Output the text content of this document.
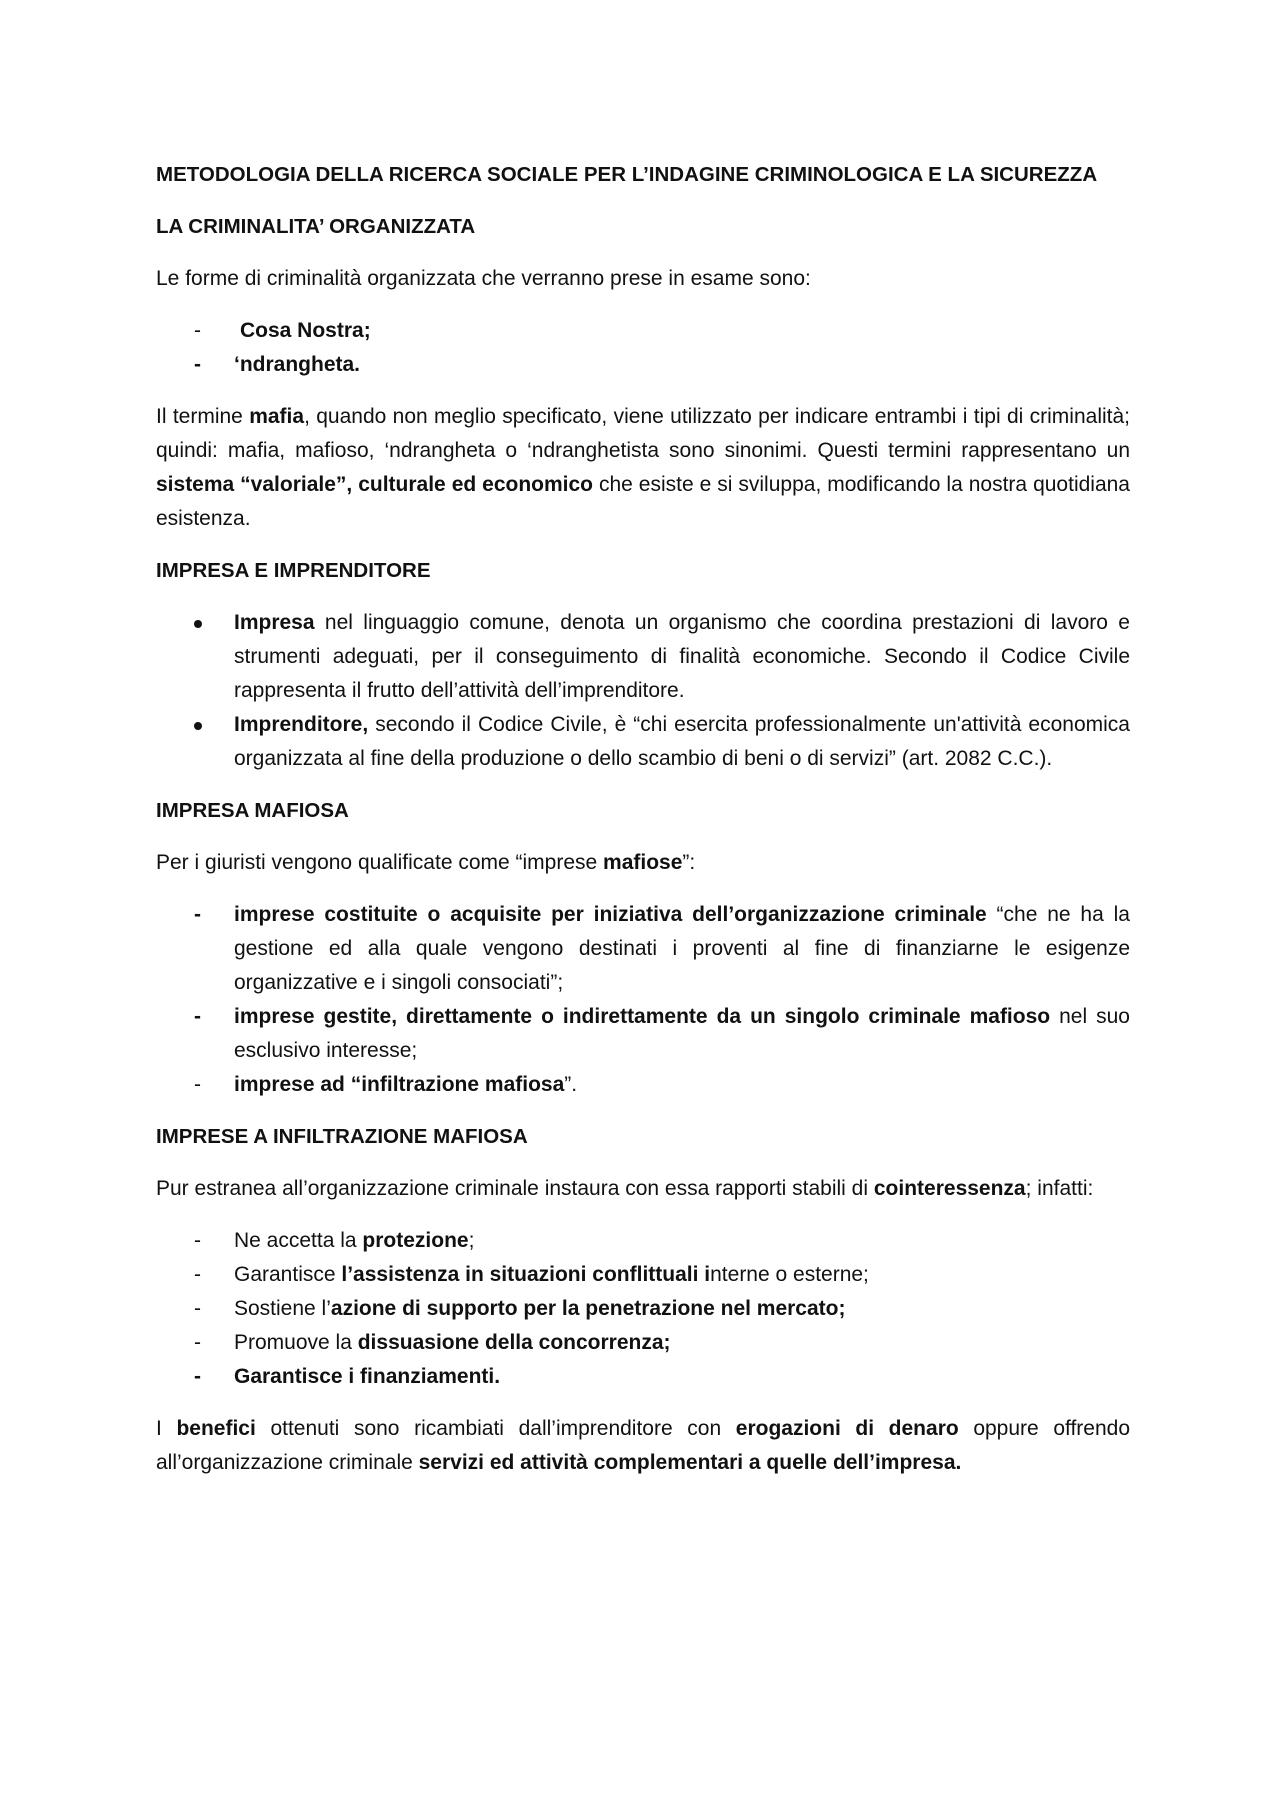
METODOLOGIA DELLA RICERCA SOCIALE PER L’INDAGINE CRIMINOLOGICA E LA SICUREZZA

LA CRIMINALITA’ ORGANIZZATA

Le forme di criminalità organizzata che verranno prese in esame sono:

-	Cosa Nostra;
-	‘ndrangheta.

Il termine mafia, quando non meglio specificato, viene utilizzato per indicare entrambi i tipi di criminalità; quindi: mafia, mafioso, ‘ndrangheta o ‘ndranghetista sono sinonimi. Questi termini rappresentano un sistema “valoriale”, culturale ed economico che esiste e si sviluppa, modificando la nostra quotidiana esistenza.

IMPRESA E IMPRENDITORE

Impresa nel linguaggio comune, denota un organismo che coordina prestazioni di lavoro e strumenti adeguati, per il conseguimento di finalità economiche. Secondo il Codice Civile rappresenta il frutto dell’attività dell’imprenditore.
Imprenditore, secondo il Codice Civile, è “chi esercita professionalmente un'attività economica organizzata al fine della produzione o dello scambio di beni o di servizi” (art. 2082 C.C.).

IMPRESA MAFIOSA

Per i giuristi vengono qualificate come “imprese mafiose”:

-	imprese costituite o acquisite per iniziativa dell’organizzazione criminale “che ne ha la gestione ed alla quale vengono destinati i proventi al fine di finanziarne le esigenze organizzative e i singoli consociati”;
-	imprese gestite, direttamente o indirettamente da un singolo criminale mafioso nel suo esclusivo interesse;
-	imprese ad “infiltrazione mafiosa”.

IMPRESE A INFILTRAZIONE MAFIOSA

Pur estranea all’organizzazione criminale instaura con essa rapporti stabili di cointeressenza; infatti:

-	Ne accetta la protezione;
-	Garantisce l’assistenza in situazioni conflittuali interne o esterne;
-	Sostiene l’azione di supporto per la penetrazione nel mercato;
-	Promuove la dissuasione della concorrenza;
-	Garantisce i finanziamenti.

I benefici ottenuti sono ricambiati dall’imprenditore con erogazioni di denaro oppure offrendo all’organizzazione criminale servizi ed attività complementari a quelle dell’impresa.
